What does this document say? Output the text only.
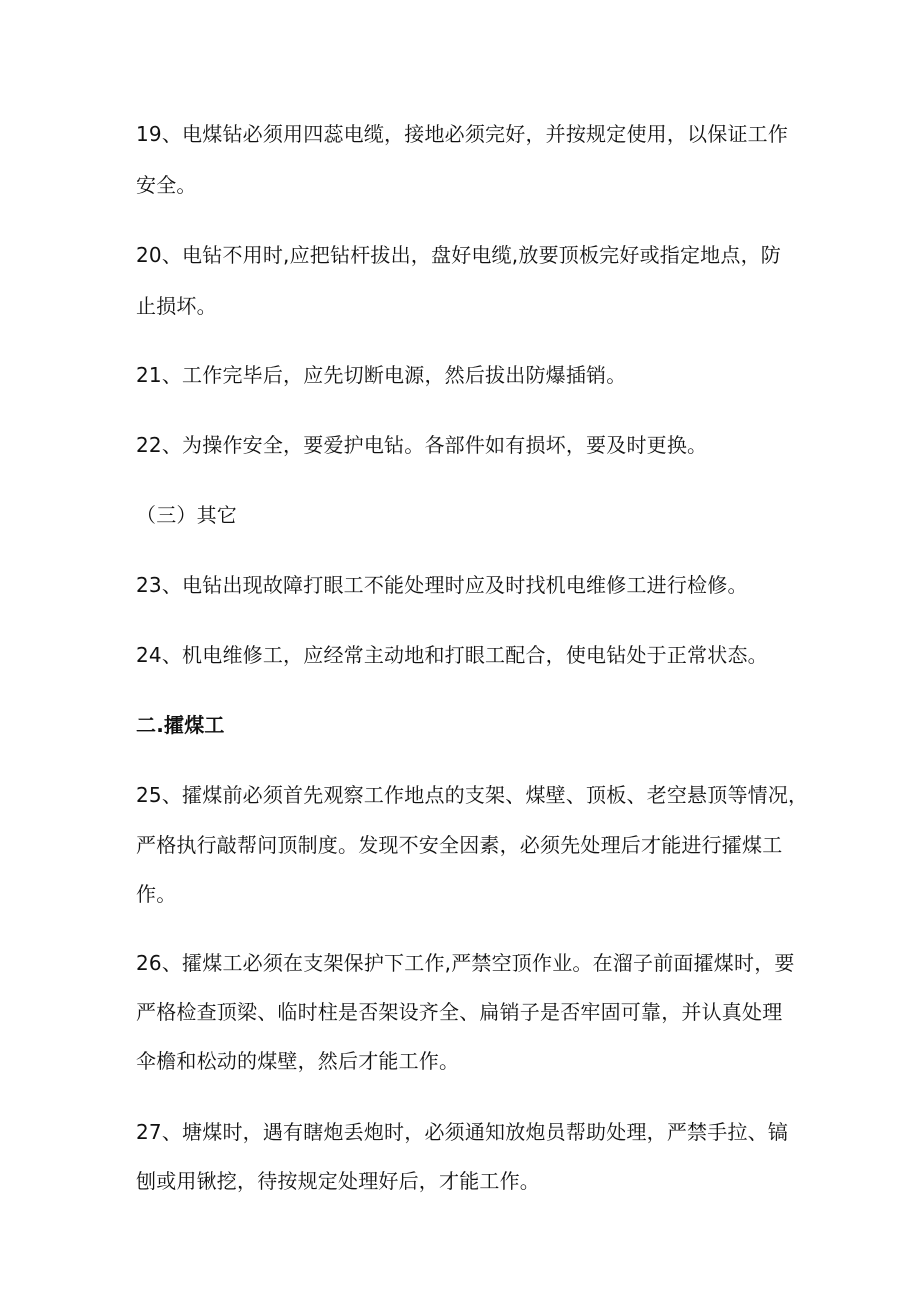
19、电煤钻必须用四蕊电缆，接地必须完好，并按规定使用，以保证工作
安全。
20、电钻不用时,应把钻杆拔出，盘好电缆,放要顶板完好或指定地点，防
止损坏。
21、工作完毕后，应先切断电源，然后拔出防爆插销。
22、为操作安全，要爱护电钻。各部件如有损坏，要及时更换。
（三）其它
23、电钻出现故障打眼工不能处理时应及时找机电维修工进行检修。
24、机电维修工，应经常主动地和打眼工配合，使电钻处于正常状态。
二.攉煤工
25、攉煤前必须首先观察工作地点的支架、煤壁、顶板、老空悬顶等情况，
严格执行敲帮问顶制度。发现不安全因素，必须先处理后才能进行攉煤工
作。
26、攉煤工必须在支架保护下工作,严禁空顶作业。在溜子前面攉煤时，要
严格检查顶梁、临时柱是否架设齐全、扁销子是否牢固可靠，并认真处理
伞檐和松动的煤壁，然后才能工作。
27、塘煤时，遇有瞎炮丢炮时，必须通知放炮员帮助处理，严禁手拉、镐
刨或用锹挖，待按规定处理好后，才能工作。
